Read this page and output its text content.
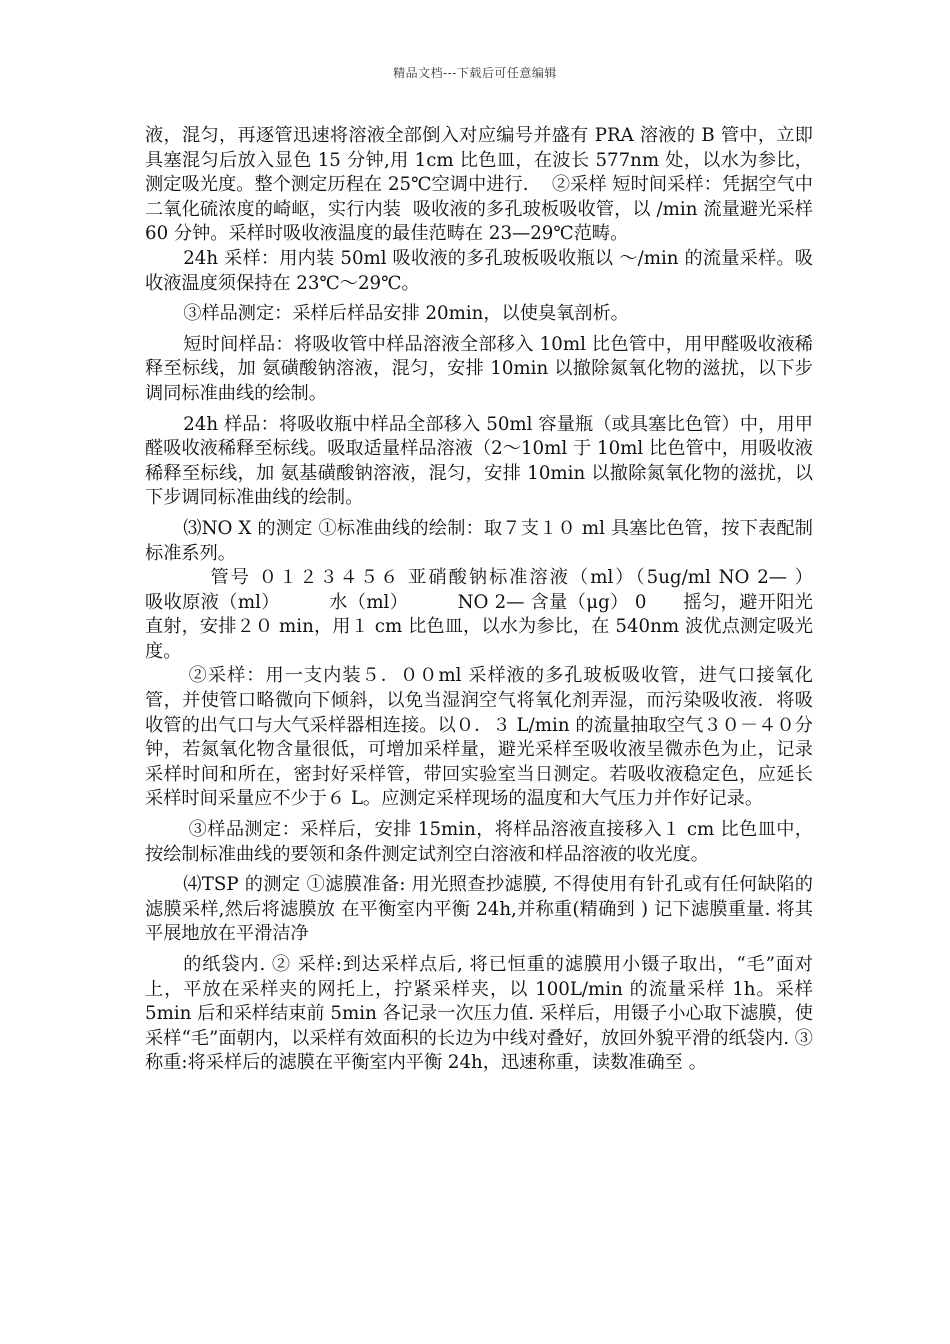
精品文档---下载后可任意编辑

液，混匀，再逐管迅速将溶液全部倒入对应编号并盛有 PRA 溶液的 B 管中，立即具塞混匀后放入显色 15 分钟,用 1cm 比色皿，在波长 577nm 处，以水为参比，测定吸光度。整个测定历程在 25℃空调中进行.    ②采样 短时间采样：凭据空气中二氧化硫浓度的崎岖，实行内装  吸收液的多孔玻板吸收管，以 /min 流量避光采样 60 分钟。采样时吸收液温度的最佳范畴在 23—29℃范畴。

24h 采样：用内装 50ml 吸收液的多孔玻板吸收瓶以 ～/min 的流量采样。吸收液温度须保持在 23℃～29℃。

③样品测定：采样后样品安排 20min，以使臭氧剖析。

短时间样品：将吸收管中样品溶液全部移入 10ml 比色管中，用甲醛吸收液稀释至标线，加 氨磺酸钠溶液，混匀，安排 10min 以撤除氮氧化物的滋扰，以下步调同标准曲线的绘制。

24h 样品：将吸收瓶中样品全部移入 50ml 容量瓶（或具塞比色管）中，用甲醛吸收液稀释至标线。吸取适量样品溶液（2～10ml 于 10ml 比色管中，用吸收液稀释至标线，加 氨基磺酸钠溶液，混匀，安排 10min 以撤除氮氧化物的滋扰，以下步调同标准曲线的绘制。

⑶NO X 的测定 ①标准曲线的绘制：取７支１０ ml 具塞比色管，按下表配制标准系列。

管号 ０１２３４５６ 亚硝酸钠标准溶液（ml）（5ug/ml NO 2— ）          吸收原液（ml）        水（ml）        NO 2— 含量（μg） 0      摇匀，避开阳光直射，安排２０ min，用１ cm 比色皿，以水为参比，在 540nm 波优点测定吸光度。

②采样：用一支内装５．００ml 采样液的多孔玻板吸收管，进气口接氧化管，并使管口略微向下倾斜，以免当湿润空气将氧化剂弄湿，而污染吸收液．将吸收管的出气口与大气采样器相连接。以０．３ L/min 的流量抽取空气３０－４０分钟，若氮氧化物含量很低，可增加采样量，避光采样至吸收液呈微赤色为止，记录采样时间和所在，密封好采样管，带回实验室当日测定。若吸收液稳定色，应延长采样时间采量应不少于６ L。应测定采样现场的温度和大气压力并作好记录。

③样品测定：采样后，安排 15min，将样品溶液直接移入１ cm 比色皿中，按绘制标准曲线的要领和条件测定试剂空白溶液和样品溶液的收光度。

⑷TSP 的测定 ①滤膜准备: 用光照查抄滤膜, 不得使用有针孔或有任何缺陷的滤膜采样,然后将滤膜放 在平衡室内平衡 24h,并称重(精确到 ) 记下滤膜重量. 将其平展地放在平滑洁净

的纸袋内. ② 采样:到达采样点后, 将已恒重的滤膜用小镊子取出，“毛”面对上，平放在采样夹的网托上，拧紧采样夹，以 100L/min 的流量采样 1h。采样 5min 后和采样结束前 5min 各记录一次压力值. 采样后，用镊子小心取下滤膜，使采样“毛”面朝内，以采样有效面积的长边为中线对叠好，放回外貌平滑的纸袋内. ③ 称重:将采样后的滤膜在平衡室内平衡 24h，迅速称重，读数准确至 。
